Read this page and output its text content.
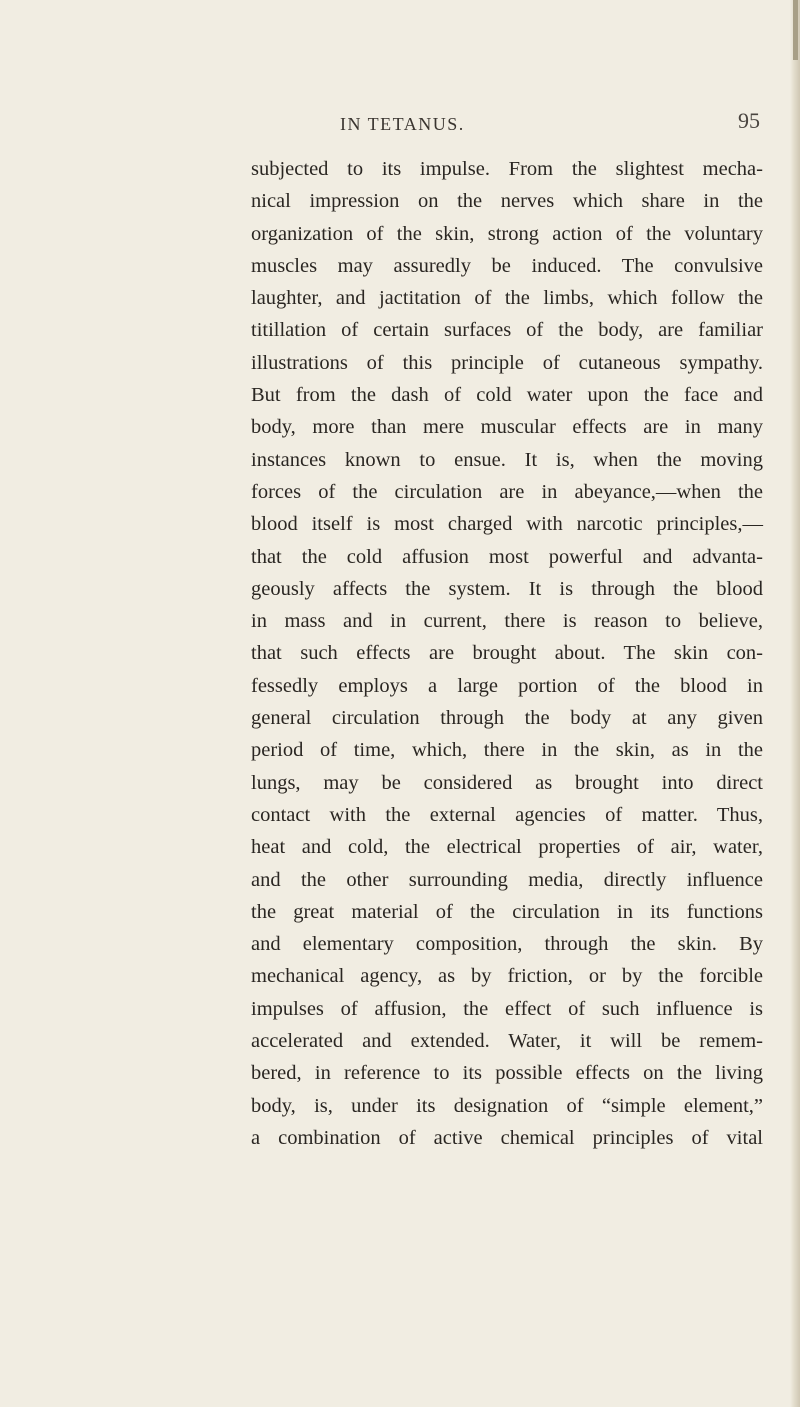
IN TETANUS.	95
subjected to its impulse. From the slightest mecha-
nical impression on the nerves which share in the
organization of the skin, strong action of the voluntary
muscles may assuredly be induced. The convulsive
laughter, and jactitation of the limbs, which follow the
titillation of certain surfaces of the body, are familiar
illustrations of this principle of cutaneous sympathy.
But from the dash of cold water upon the face and
body, more than mere muscular effects are in many
instances known to ensue. It is, when the moving
forces of the circulation are in abeyance,—when the
blood itself is most charged with narcotic principles,—
that the cold affusion most powerful and advanta-
geously affects the system. It is through the blood
in mass and in current, there is reason to believe,
that such effects are brought about. The skin con-
fessedly employs a large portion of the blood in
general circulation through the body at any given
period of time, which, there in the skin, as in the
lungs, may be considered as brought into direct
contact with the external agencies of matter. Thus,
heat and cold, the electrical properties of air, water,
and the other surrounding media, directly influence
the great material of the circulation in its functions
and elementary composition, through the skin. By
mechanical agency, as by friction, or by the forcible
impulses of affusion, the effect of such influence is
accelerated and extended. Water, it will be remem-
bered, in reference to its possible effects on the living
body, is, under its designation of “simple element,”
a combination of active chemical principles of vital
